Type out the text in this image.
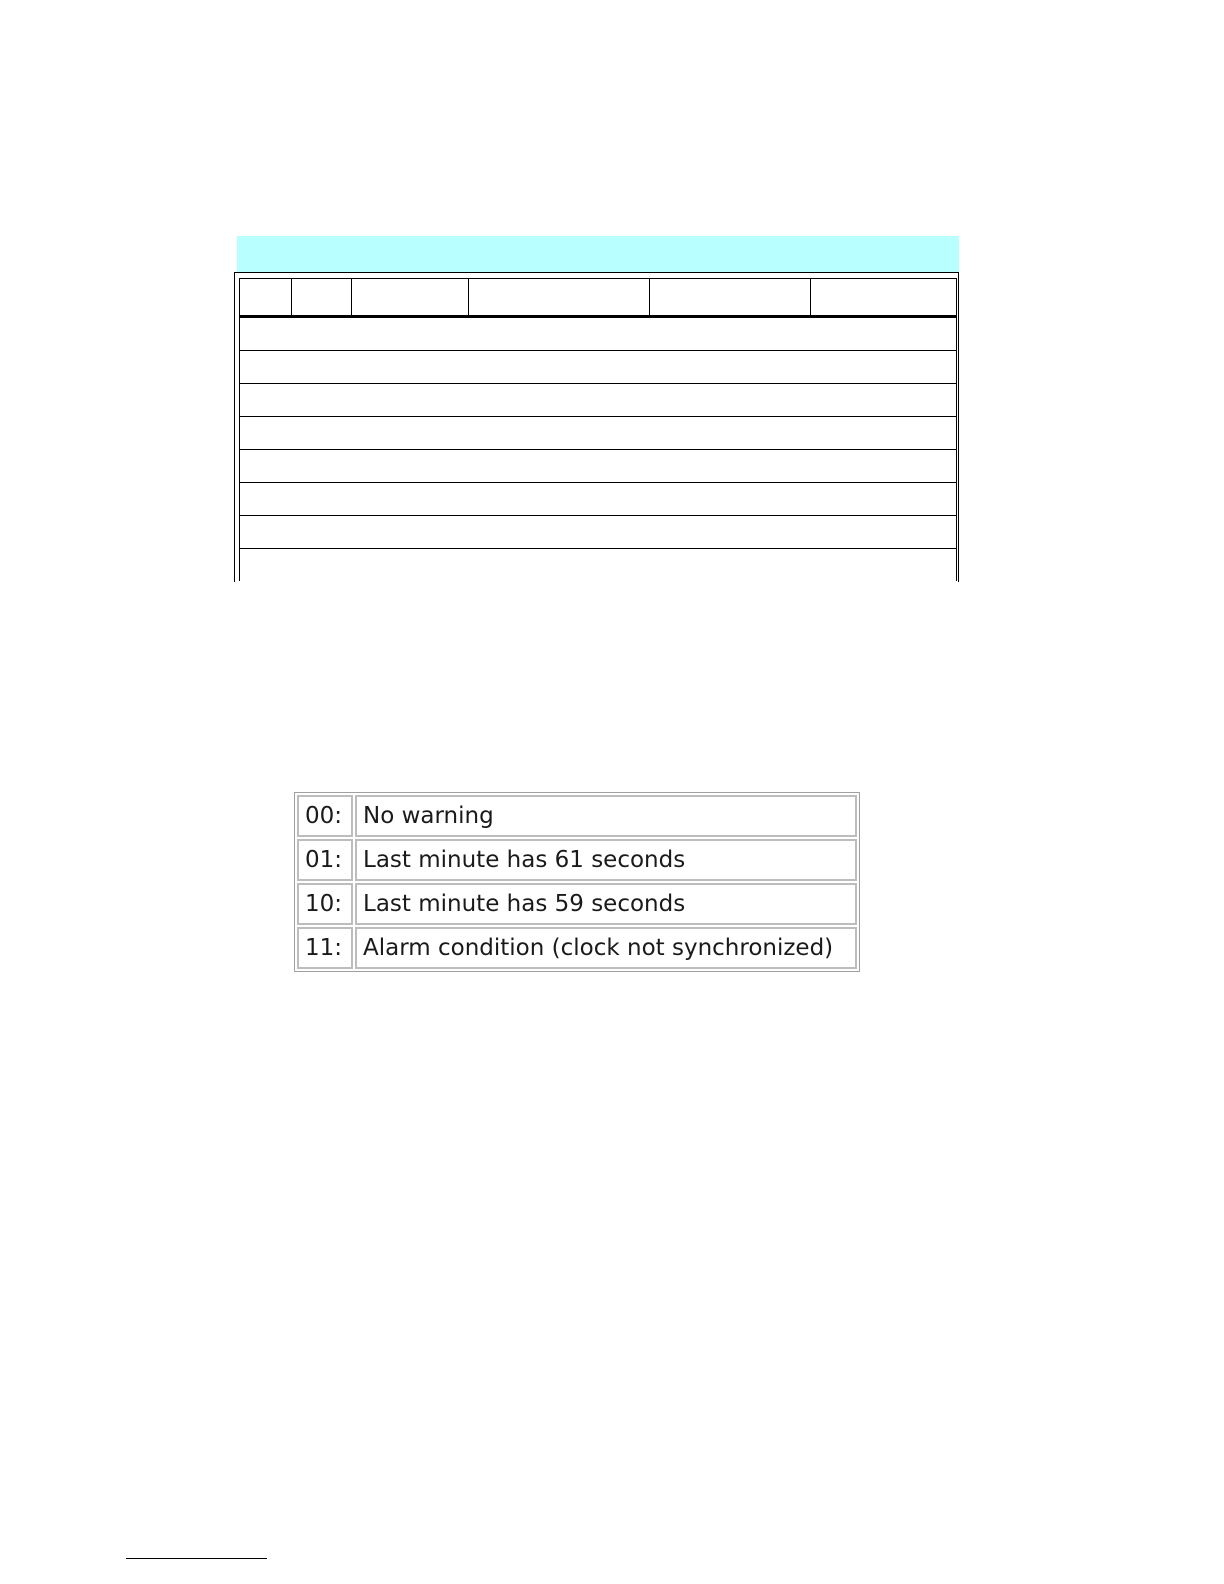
00:	No warning
01:	Last minute has 61 seconds
10:	Last minute has 59 seconds
11:	Alarm condition (clock not synchronized)
